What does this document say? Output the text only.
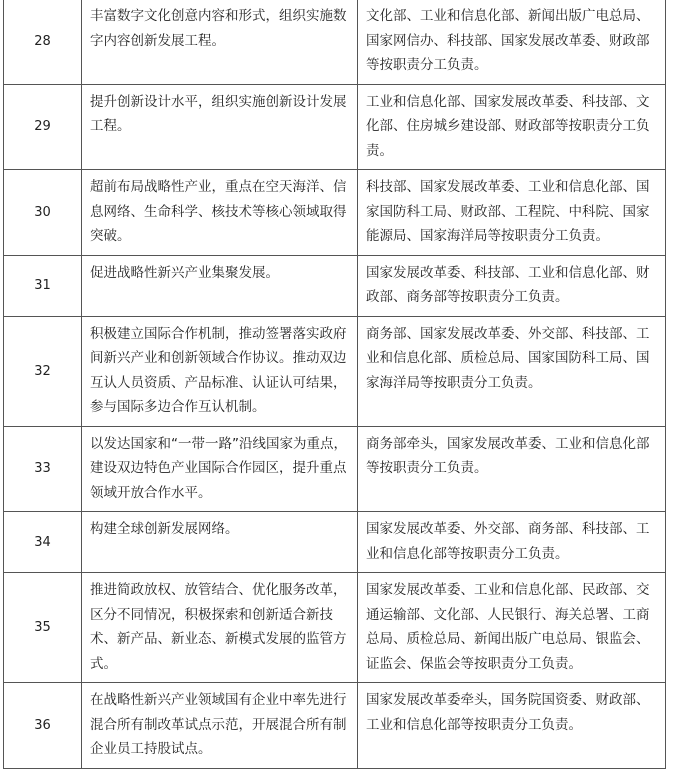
28	丰富数字文化创意内容和形式，组织实施数字内容创新发展工程。	文化部、工业和信息化部、新闻出版广电总局、国家网信办、科技部、国家发展改革委、财政部等按职责分工负责。
29	提升创新设计水平，组织实施创新设计发展工程。	工业和信息化部、国家发展改革委、科技部、文化部、住房城乡建设部、财政部等按职责分工负责。
30	超前布局战略性产业，重点在空天海洋、信息网络、生命科学、核技术等核心领域取得突破。	科技部、国家发展改革委、工业和信息化部、国家国防科工局、财政部、工程院、中科院、国家能源局、国家海洋局等按职责分工负责。
31	促进战略性新兴产业集聚发展。	国家发展改革委、科技部、工业和信息化部、财政部、商务部等按职责分工负责。
32	积极建立国际合作机制，推动签署落实政府间新兴产业和创新领域合作协议。推动双边互认人员资质、产品标准、认证认可结果，参与国际多边合作互认机制。	商务部、国家发展改革委、外交部、科技部、工业和信息化部、质检总局、国家国防科工局、国家海洋局等按职责分工负责。
33	以发达国家和“一带一路”沿线国家为重点，建设双边特色产业国际合作园区，提升重点领域开放合作水平。	商务部牵头，国家发展改革委、工业和信息化部等按职责分工负责。
34	构建全球创新发展网络。	国家发展改革委、外交部、商务部、科技部、工业和信息化部等按职责分工负责。
35	推进简政放权、放管结合、优化服务改革，区分不同情况，积极探索和创新适合新技术、新产品、新业态、新模式发展的监管方式。	国家发展改革委、工业和信息化部、民政部、交通运输部、文化部、人民银行、海关总署、工商总局、质检总局、新闻出版广电总局、银监会、证监会、保监会等按职责分工负责。
36	在战略性新兴产业领域国有企业中率先进行混合所有制改革试点示范，开展混合所有制企业员工持股试点。	国家发展改革委牵头，国务院国资委、财政部、工业和信息化部等按职责分工负责。
